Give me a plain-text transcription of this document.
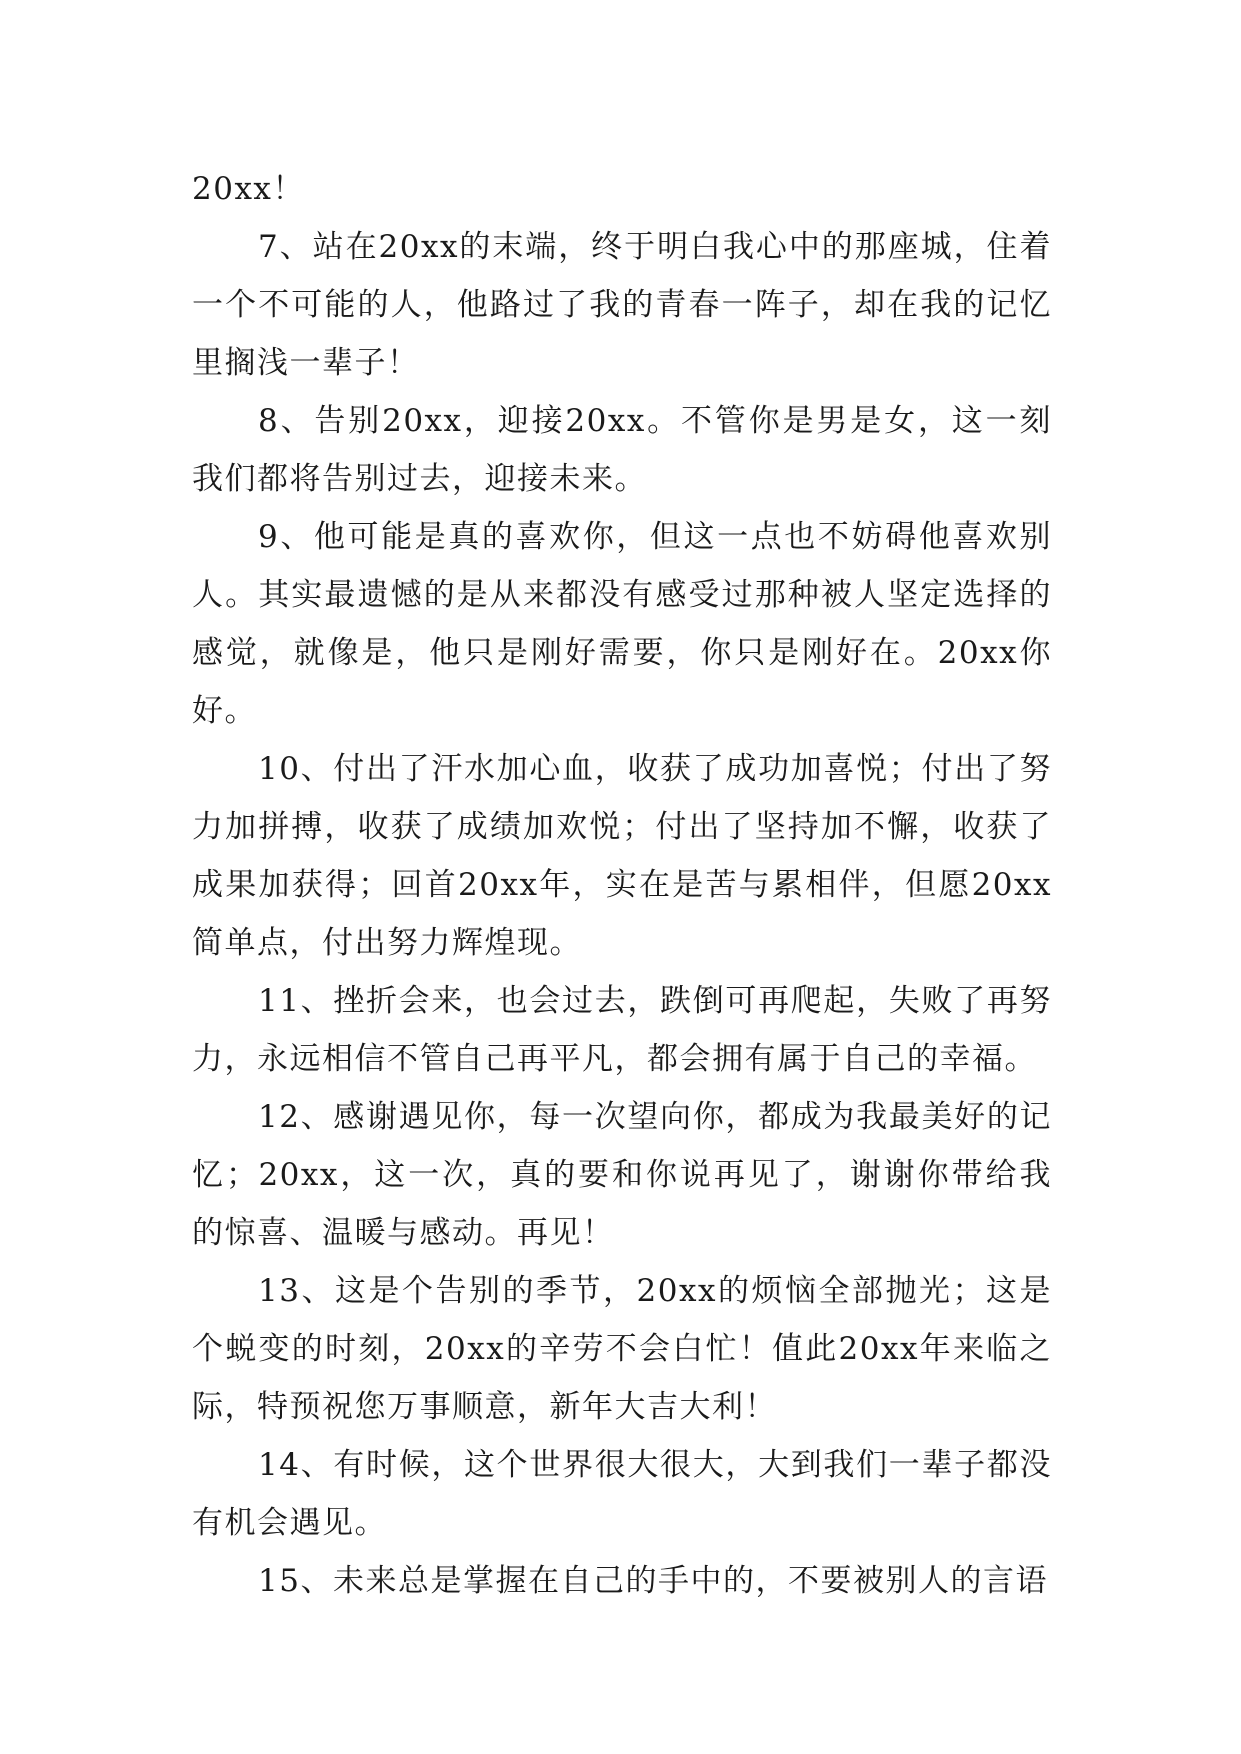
20xx！

7、站在20xx的末端，终于明白我心中的那座城，住着一个不可能的人，他路过了我的青春一阵子，却在我的记忆里搁浅一辈子！

8、告别20xx，迎接20xx。不管你是男是女，这一刻我们都将告别过去，迎接未来。

9、他可能是真的喜欢你，但这一点也不妨碍他喜欢别人。其实最遗憾的是从来都没有感受过那种被人坚定选择的感觉，就像是，他只是刚好需要，你只是刚好在。20xx你好。

10、付出了汗水加心血，收获了成功加喜悦；付出了努力加拼搏，收获了成绩加欢悦；付出了坚持加不懈，收获了成果加获得；回首20xx年，实在是苦与累相伴，但愿20xx简单点，付出努力辉煌现。

11、挫折会来，也会过去，跌倒可再爬起，失败了再努力，永远相信不管自己再平凡，都会拥有属于自己的幸福。

12、感谢遇见你，每一次望向你，都成为我最美好的记忆；20xx，这一次，真的要和你说再见了，谢谢你带给我的惊喜、温暖与感动。再见！

13、这是个告别的季节，20xx的烦恼全部抛光；这是个蜕变的时刻，20xx的辛劳不会白忙！值此20xx年来临之际，特预祝您万事顺意，新年大吉大利！

14、有时候，这个世界很大很大，大到我们一辈子都没有机会遇见。

15、未来总是掌握在自己的手中的，不要被别人的言语
